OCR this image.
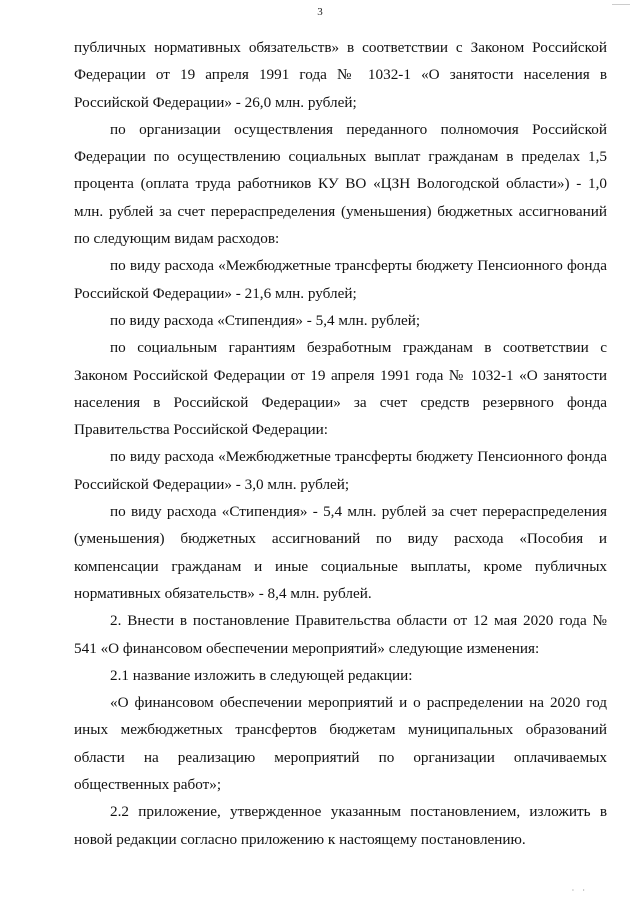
3

публичных нормативных обязательств» в соответствии с Законом Российской Федерации от 19 апреля 1991 года № 1032-1 «О занятости населения в Российской Федерации» - 26,0 млн. рублей;

по организации осуществления переданного полномочия Российской Федерации по осуществлению социальных выплат гражданам в пределах 1,5 процента (оплата труда работников КУ ВО «ЦЗН Вологодской области») - 1,0 млн. рублей за счет перераспределения (уменьшения) бюджетных ассигнований по следующим видам расходов:

по виду расхода «Межбюджетные трансферты бюджету Пенсионного фонда Российской Федерации» - 21,6 млн. рублей;

по виду расхода «Стипендия» - 5,4 млн. рублей;

по социальным гарантиям безработным гражданам в соответствии с Законом Российской Федерации от 19 апреля 1991 года № 1032-1 «О занятости населения в Российской Федерации» за счет средств резервного фонда Правительства Российской Федерации:

по виду расхода «Межбюджетные трансферты бюджету Пенсионного фонда Российской Федерации» - 3,0 млн. рублей;

по виду расхода «Стипендия» - 5,4 млн. рублей за счет перераспределения (уменьшения) бюджетных ассигнований по виду расхода «Пособия и компенсации гражданам и иные социальные выплаты, кроме публичных нормативных обязательств» - 8,4 млн. рублей.

2. Внести в постановление Правительства области от 12 мая 2020 года № 541 «О финансовом обеспечении мероприятий» следующие изменения:

2.1 название изложить в следующей редакции:

«О финансовом обеспечении мероприятий и о распределении на 2020 год иных межбюджетных трансфертов бюджетам муниципальных образований области на реализацию мероприятий по организации оплачиваемых общественных работ»;

2.2 приложение, утвержденное указанным постановлением, изложить в новой редакции согласно приложению к настоящему постановлению.

· ·
